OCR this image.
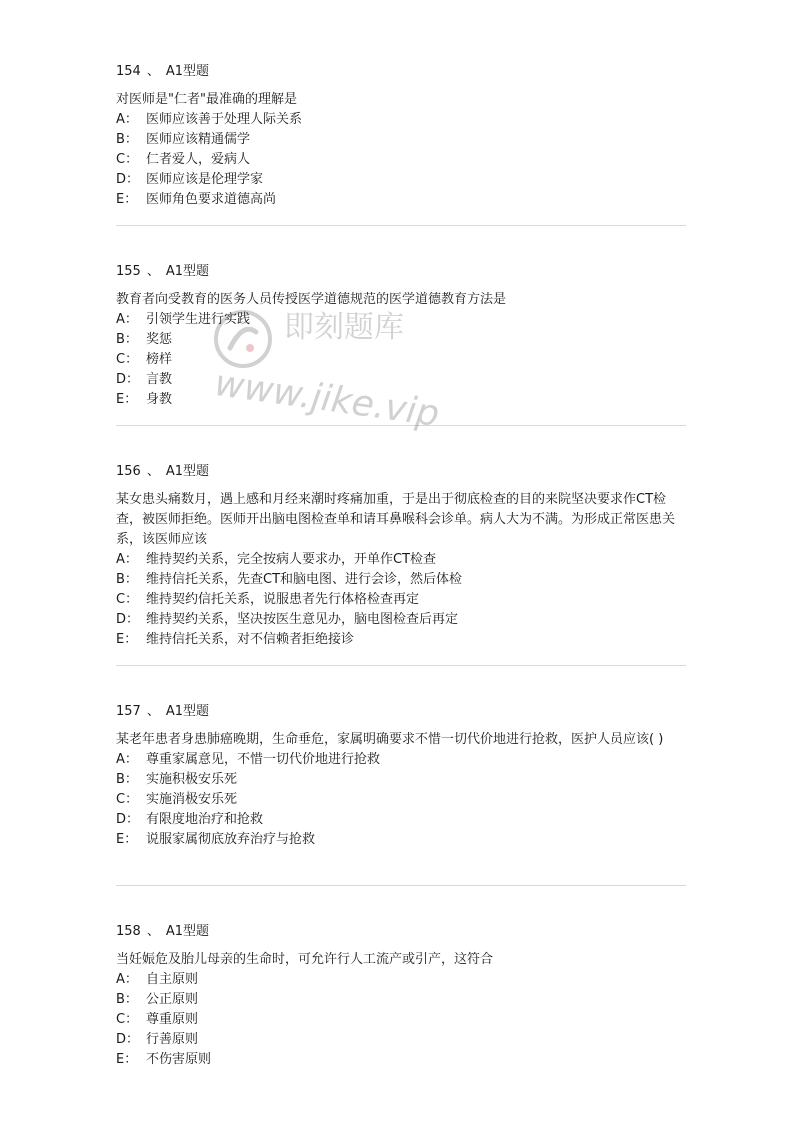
154 、 A1型题

对医师是"仁者"最准确的理解是

A： 医师应该善于处理人际关系
B： 医师应该精通儒学
C： 仁者爱人，爱病人
D： 医师应该是伦理学家
E： 医师角色要求道德高尚
155 、 A1型题

教育者向受教育的医务人员传授医学道德规范的医学道德教育方法是

A： 引领学生进行实践
B： 奖惩
C： 榜样
D： 言教
E： 身教
156 、 A1型题

某女患头痛数月，遇上感和月经来潮时疼痛加重，于是出于彻底检查的目的来院坚决要求作CT检查，被医师拒绝。医师开出脑电图检查单和请耳鼻喉科会诊单。病人大为不满。为形成正常医患关系，该医师应该

A： 维持契约关系，完全按病人要求办，开单作CT检查
B： 维持信托关系，先查CT和脑电图、进行会诊，然后体检
C： 维持契约信托关系，说服患者先行体格检查再定
D： 维持契约关系，坚决按医生意见办，脑电图检查后再定
E： 维持信托关系，对不信赖者拒绝接诊
157 、 A1型题

某老年患者身患肺癌晚期，生命垂危，家属明确要求不惜一切代价地进行抢救，医护人员应该( )

A： 尊重家属意见，不惜一切代价地进行抢救
B： 实施积极安乐死
C： 实施消极安乐死
D： 有限度地治疗和抢救
E： 说服家属彻底放弃治疗与抢救
158 、 A1型题

当妊娠危及胎儿母亲的生命时，可允许行人工流产或引产，这符合

A： 自主原则
B： 公正原则
C： 尊重原则
D： 行善原则
E： 不伤害原则
即刻题库
www.jike.vip
